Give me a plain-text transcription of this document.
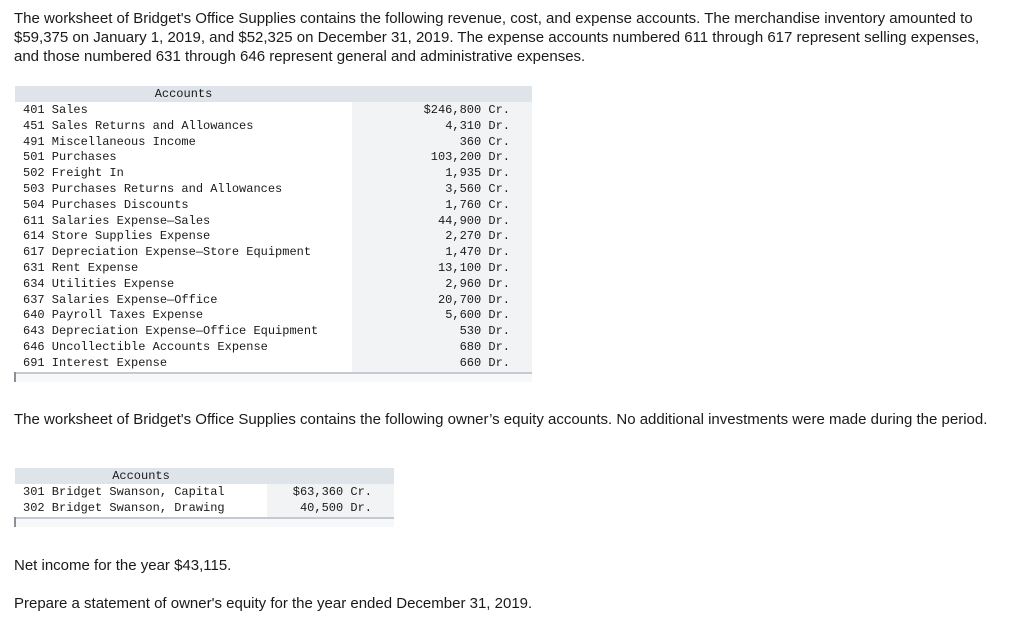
The worksheet of Bridget's Office Supplies contains the following revenue, cost, and expense accounts. The merchandise inventory amounted to $59,375 on January 1, 2019, and $52,325 on December 31, 2019. The expense accounts numbered 611 through 617 represent selling expenses, and those numbered 631 through 646 represent general and administrative expenses.

Accounts	
401 Sales	$246,800 Cr.
451 Sales Returns and Allowances	4,310 Dr.
491 Miscellaneous Income	360 Cr.
501 Purchases	103,200 Dr.
502 Freight In	1,935 Dr.
503 Purchases Returns and Allowances	3,560 Cr.
504 Purchases Discounts	1,760 Cr.
611 Salaries Expense—Sales	44,900 Dr.
614 Store Supplies Expense	2,270 Dr.
617 Depreciation Expense—Store Equipment	1,470 Dr.
631 Rent Expense	13,100 Dr.
634 Utilities Expense	2,960 Dr.
637 Salaries Expense—Office	20,700 Dr.
640 Payroll Taxes Expense	5,600 Dr.
643 Depreciation Expense—Office Equipment	530 Dr.
646 Uncollectible Accounts Expense	680 Dr.
691 Interest Expense	660 Dr.

The worksheet of Bridget's Office Supplies contains the following owner’s equity accounts. No additional investments were made during the period.

Accounts	
301 Bridget Swanson, Capital	$63,360 Cr.
302 Bridget Swanson, Drawing	40,500 Dr.

Net income for the year $43,115.

Prepare a statement of owner's equity for the year ended December 31, 2019.
